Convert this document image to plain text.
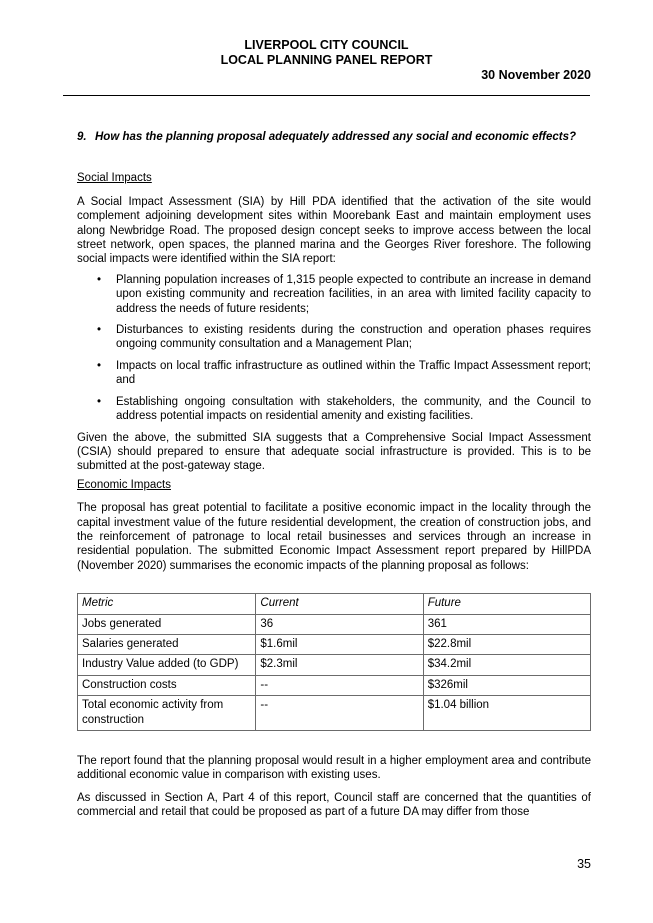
LIVERPOOL CITY COUNCIL
LOCAL PLANNING PANEL REPORT
30 November 2020
9. How has the planning proposal adequately addressed any social and economic effects?

Social Impacts

A Social Impact Assessment (SIA) by Hill PDA identified that the activation of the site would complement adjoining development sites within Moorebank East and maintain employment uses along Newbridge Road. The proposed design concept seeks to improve access between the local street network, open spaces, the planned marina and the Georges River foreshore. The following social impacts were identified within the SIA report:

• Planning population increases of 1,315 people expected to contribute an increase in demand upon existing community and recreation facilities, in an area with limited facility capacity to address the needs of future residents;
• Disturbances to existing residents during the construction and operation phases requires ongoing community consultation and a Management Plan;
• Impacts on local traffic infrastructure as outlined within the Traffic Impact Assessment report; and
• Establishing ongoing consultation with stakeholders, the community, and the Council to address potential impacts on residential amenity and existing facilities.

Given the above, the submitted SIA suggests that a Comprehensive Social Impact Assessment (CSIA) should prepared to ensure that adequate social infrastructure is provided. This is to be submitted at the post-gateway stage.

Economic Impacts

The proposal has great potential to facilitate a positive economic impact in the locality through the capital investment value of the future residential development, the creation of construction jobs, and the reinforcement of patronage to local retail businesses and services through an increase in residential population. The submitted Economic Impact Assessment report prepared by HillPDA (November 2020) summarises the economic impacts of the planning proposal as follows:

Metric	Current	Future
Jobs generated	36	361
Salaries generated	$1.6mil	$22.8mil
Industry Value added (to GDP)	$2.3mil	$34.2mil
Construction costs	--	$326mil
Total economic activity from construction	--	$1.04 billion

The report found that the planning proposal would result in a higher employment area and contribute additional economic value in comparison with existing uses.

As discussed in Section A, Part 4 of this report, Council staff are concerned that the quantities of commercial and retail that could be proposed as part of a future DA may differ from those

35
